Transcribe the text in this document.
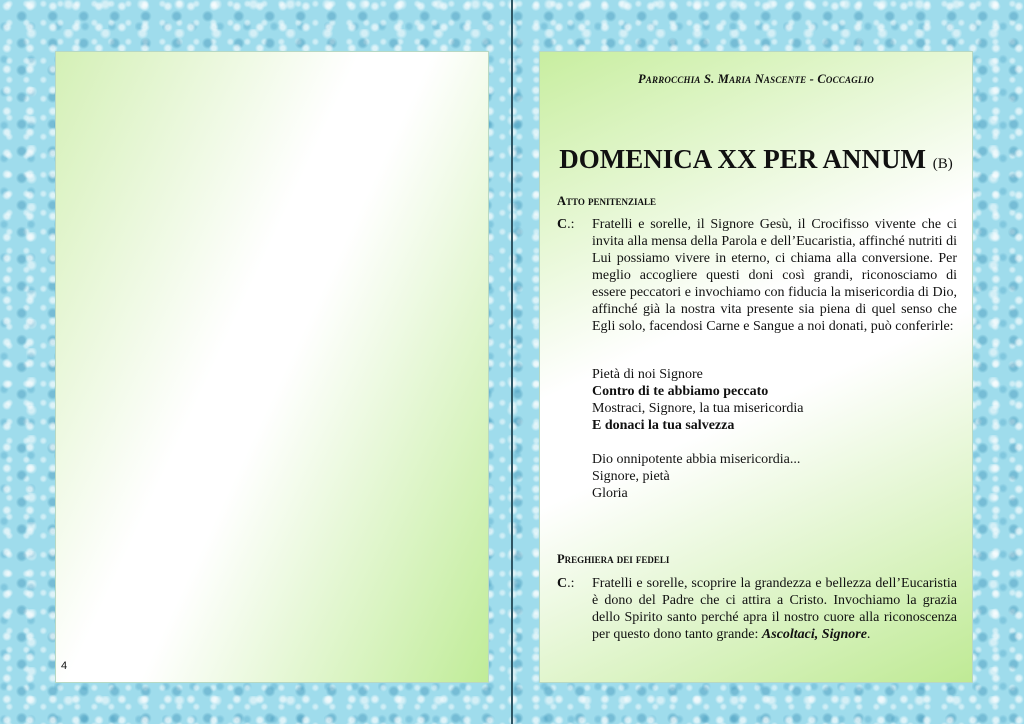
4
Parrocchia S. Maria Nascente - Coccaglio
DOMENICA XX PER ANNUM (B)
Atto penitenziale
C.: Fratelli e sorelle, il Signore Gesù, il Crocifisso vivente che ci invita alla mensa della Parola e dell’Eucaristia, affinché nutriti di Lui possiamo vivere in eterno, ci chiama alla conversione. Per meglio accogliere questi doni così grandi, riconosciamo di essere peccatori e invochiamo con fiducia la misericordia di Dio, affinché già la nostra vita presente sia piena di quel senso che Egli solo, facendosi Carne e Sangue a noi donati, può conferirle:
Pietà di noi Signore
Contro di te abbiamo peccato
Mostraci, Signore, la tua misericordia
E donaci la tua salvezza
Dio onnipotente abbia misericordia...
Signore, pietà
Gloria
Preghiera dei fedeli
C.: Fratelli e sorelle, scoprire la grandezza e bellezza dell’Eucaristia è dono del Padre che ci attira a Cristo. Invochiamo la grazia dello Spirito santo perché apra il nostro cuore alla riconoscenza per questo dono tanto grande: Ascoltaci, Signore.
